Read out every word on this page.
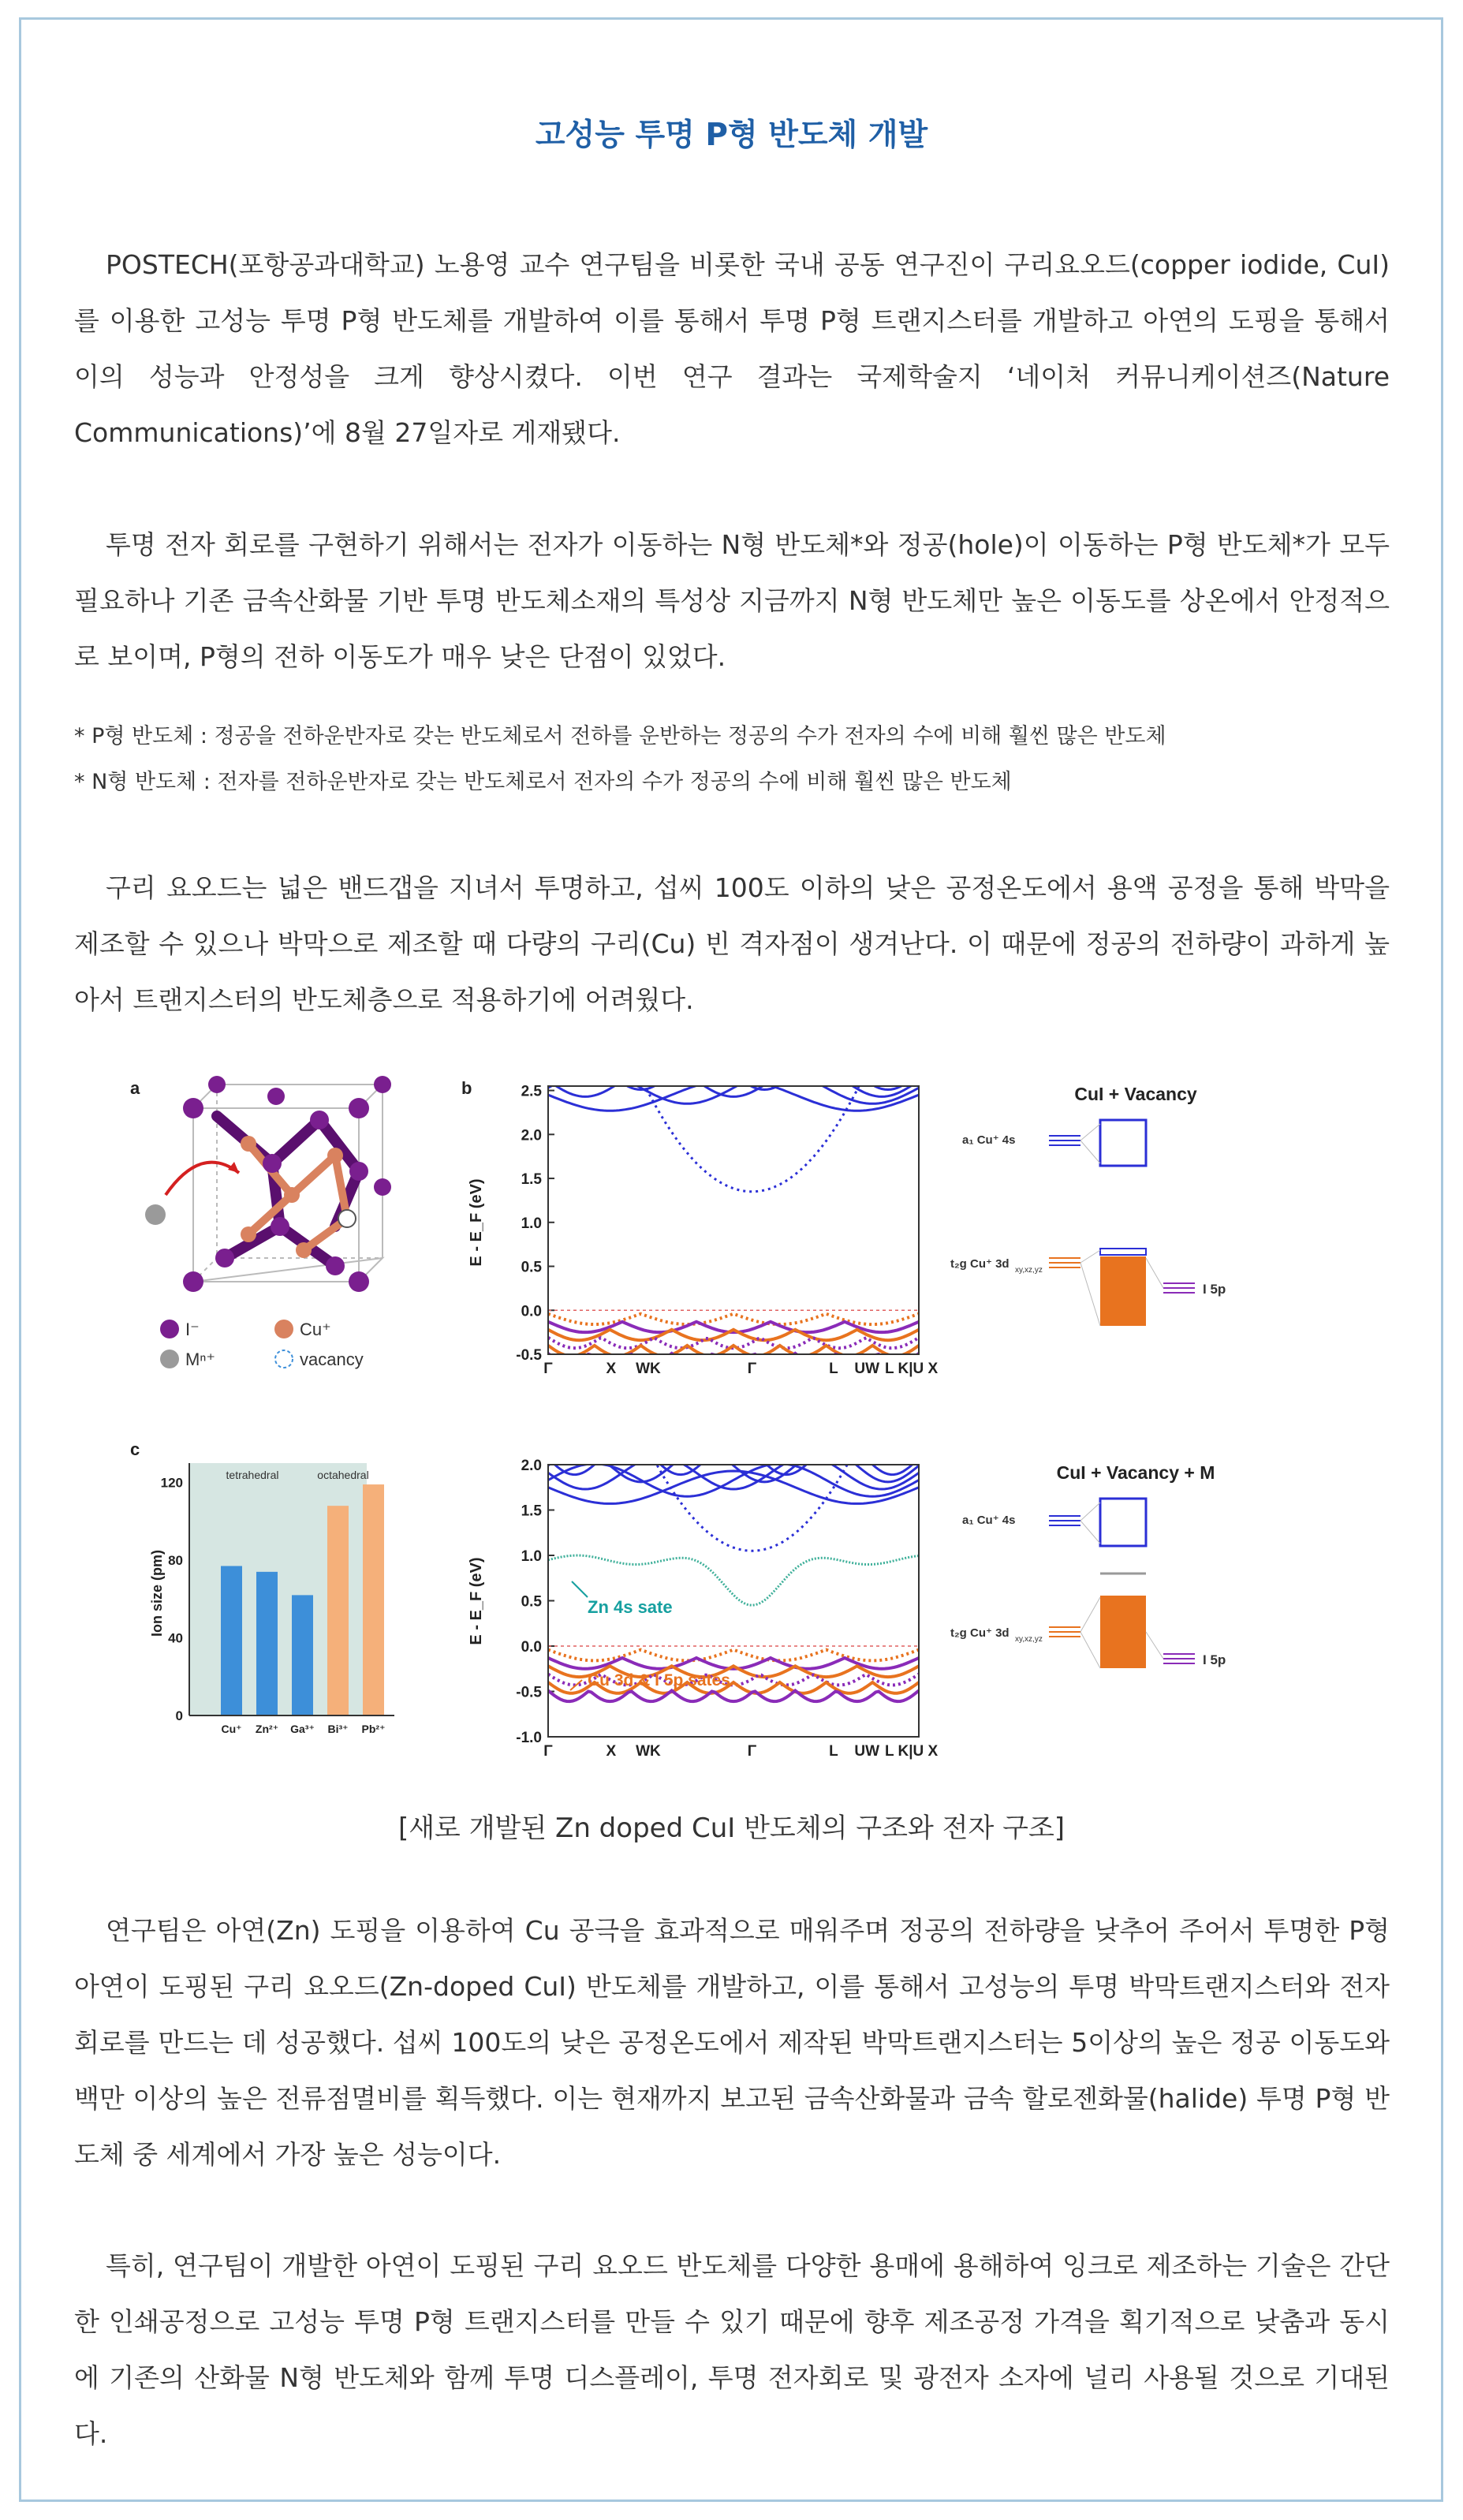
고성능 투명 P형 반도체 개발

POSTECH(포항공과대학교) 노용영 교수 연구팀을 비롯한 국내 공동 연구진이 구리요오드(copper iodide, CuI)를 이용한 고성능 투명 P형 반도체를 개발하여 이를 통해서 투명 P형 트랜지스터를 개발하고 아연의 도핑을 통해서 이의 성능과 안정성을 크게 향상시켰다. 이번 연구 결과는 국제학술지 ‘네이처 커뮤니케이션즈(Nature Communications)’에 8월 27일자로 게재됐다.

투명 전자 회로를 구현하기 위해서는 전자가 이동하는 N형 반도체*와 정공(hole)이 이동하는 P형 반도체*가 모두 필요하나 기존 금속산화물 기반 투명 반도체소재의 특성상 지금까지 N형 반도체만 높은 이동도를 상온에서 안정적으로 보이며, P형의 전하 이동도가 매우 낮은 단점이 있었다.

* P형 반도체 : 정공을 전하운반자로 갖는 반도체로서 전하를 운반하는 정공의 수가 전자의 수에 비해 훨씬 많은 반도체

* N형 반도체 : 전자를 전하운반자로 갖는 반도체로서 전자의 수가 정공의 수에 비해 훨씬 많은 반도체

구리 요오드는 넓은 밴드갭을 지녀서 투명하고, 섭씨 100도 이하의 낮은 공정온도에서 용액 공정을 통해 박막을 제조할 수 있으나 박막으로 제조할 때 다량의 구리(Cu) 빈 격자점이 생겨난다. 이 때문에 정공의 전하량이 과하게 높아서 트랜지스터의 반도체층으로 적용하기에 어려웠다.

a
I⁻	Cu⁺
Mⁿ⁺	vacancy
b
E - E_F (eV)
2.5
2.0
1.5
1.0
0.5
0.0
-0.5
Γ	X WK	Γ	L UW L K|U X
CuI + Vacancy
a₁ Cu⁺ 4s
t₂g Cu⁺ 3d xy,xz,yz
I 5p
c
tetrahedral	octahedral
Ion size (pm)
120
80
40
0
Cu⁺ Zn²⁺ Ga³⁺ Bi³⁺ Pb²⁺
E - E_F (eV)
2.0
1.5
1.0
0.5
0.0
-0.5
-1.0
Γ	X WK	Γ	L UW L K|U X
Zn 4s sate
Cu 3d & I 5p sates
CuI + Vacancy + M
a₁ Cu⁺ 4s
t₂g Cu⁺ 3d xy,xz,yz
I 5p

[새로 개발된 Zn doped CuI 반도체의 구조와 전자 구조]

연구팀은 아연(Zn) 도핑을 이용하여 Cu 공극을 효과적으로 매워주며 정공의 전하량을 낮추어 주어서 투명한 P형 아연이 도핑된 구리 요오드(Zn-doped CuI) 반도체를 개발하고, 이를 통해서 고성능의 투명 박막트랜지스터와 전자회로를 만드는 데 성공했다. 섭씨 100도의 낮은 공정온도에서 제작된 박막트랜지스터는 5이상의 높은 정공 이동도와 백만 이상의 높은 전류점멸비를 획득했다. 이는 현재까지 보고된 금속산화물과 금속 할로젠화물(halide) 투명 P형 반도체 중 세계에서 가장 높은 성능이다.

특히, 연구팀이 개발한 아연이 도핑된 구리 요오드 반도체를 다양한 용매에 용해하여 잉크로 제조하는 기술은 간단한 인쇄공정으로 고성능 투명 P형 트랜지스터를 만들 수 있기 때문에 향후 제조공정 가격을 획기적으로 낮춤과 동시에 기존의 산화물 N형 반도체와 함께 투명 디스플레이, 투명 전자회로 및 광전자 소자에 널리 사용될 것으로 기대된다.
